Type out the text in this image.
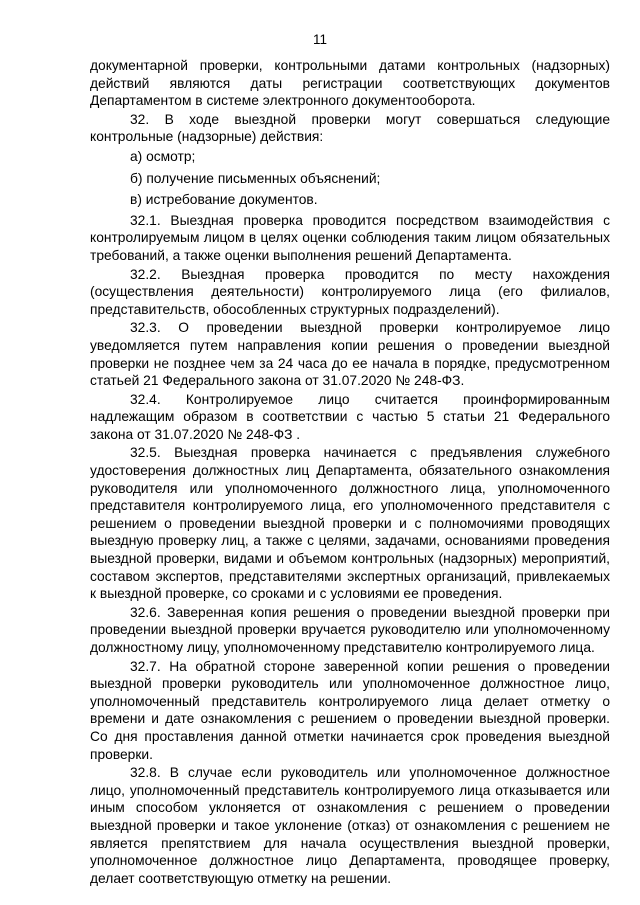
11

документарной проверки, контрольными датами контрольных (надзорных) действий являются даты регистрации соответствующих документов Департаментом в системе электронного документооборота.

32. В ходе выездной проверки могут совершаться следующие контрольные (надзорные) действия:

а) осмотр;

б) получение письменных объяснений;

в) истребование документов.

32.1. Выездная проверка проводится посредством взаимодействия с контролируемым лицом в целях оценки соблюдения таким лицом обязательных требований, а также оценки выполнения решений Департамента.

32.2. Выездная проверка проводится по месту нахождения (осуществления деятельности) контролируемого лица (его филиалов, представительств, обособленных структурных подразделений).

32.3. О проведении выездной проверки контролируемое лицо уведомляется путем направления копии решения о проведении выездной проверки не позднее чем за 24 часа до ее начала в порядке, предусмотренном статьей 21 Федерального закона от 31.07.2020 № 248-ФЗ.

32.4. Контролируемое лицо считается проинформированным надлежащим образом в соответствии с частью 5 статьи 21 Федерального закона от 31.07.2020 № 248-ФЗ .

32.5. Выездная проверка начинается с предъявления служебного удостоверения должностных лиц Департамента, обязательного ознакомления руководителя или уполномоченного должностного лица, уполномоченного представителя контролируемого лица, его уполномоченного представителя с решением о проведении выездной проверки и с полномочиями проводящих выездную проверку лиц, а также с целями, задачами, основаниями проведения выездной проверки, видами и объемом контрольных (надзорных) мероприятий, составом экспертов, представителями экспертных организаций, привлекаемых к выездной проверке, со сроками и с условиями ее проведения.

32.6. Заверенная копия решения о проведении выездной проверки при проведении выездной проверки вручается руководителю или уполномоченному должностному лицу, уполномоченному представителю контролируемого лица.

32.7. На обратной стороне заверенной копии решения о проведении выездной проверки руководитель или уполномоченное должностное лицо, уполномоченный представитель контролируемого лица делает отметку о времени и дате ознакомления с решением о проведении выездной проверки. Со дня проставления данной отметки начинается срок проведения выездной проверки.

32.8. В случае если руководитель или уполномоченное должностное лицо, уполномоченный представитель контролируемого лица отказывается или иным способом уклоняется от ознакомления с решением о проведении выездной проверки и такое уклонение (отказ) от ознакомления с решением не является препятствием для начала осуществления выездной проверки, уполномоченное должностное лицо Департамента, проводящее проверку, делает соответствующую отметку на решении.
